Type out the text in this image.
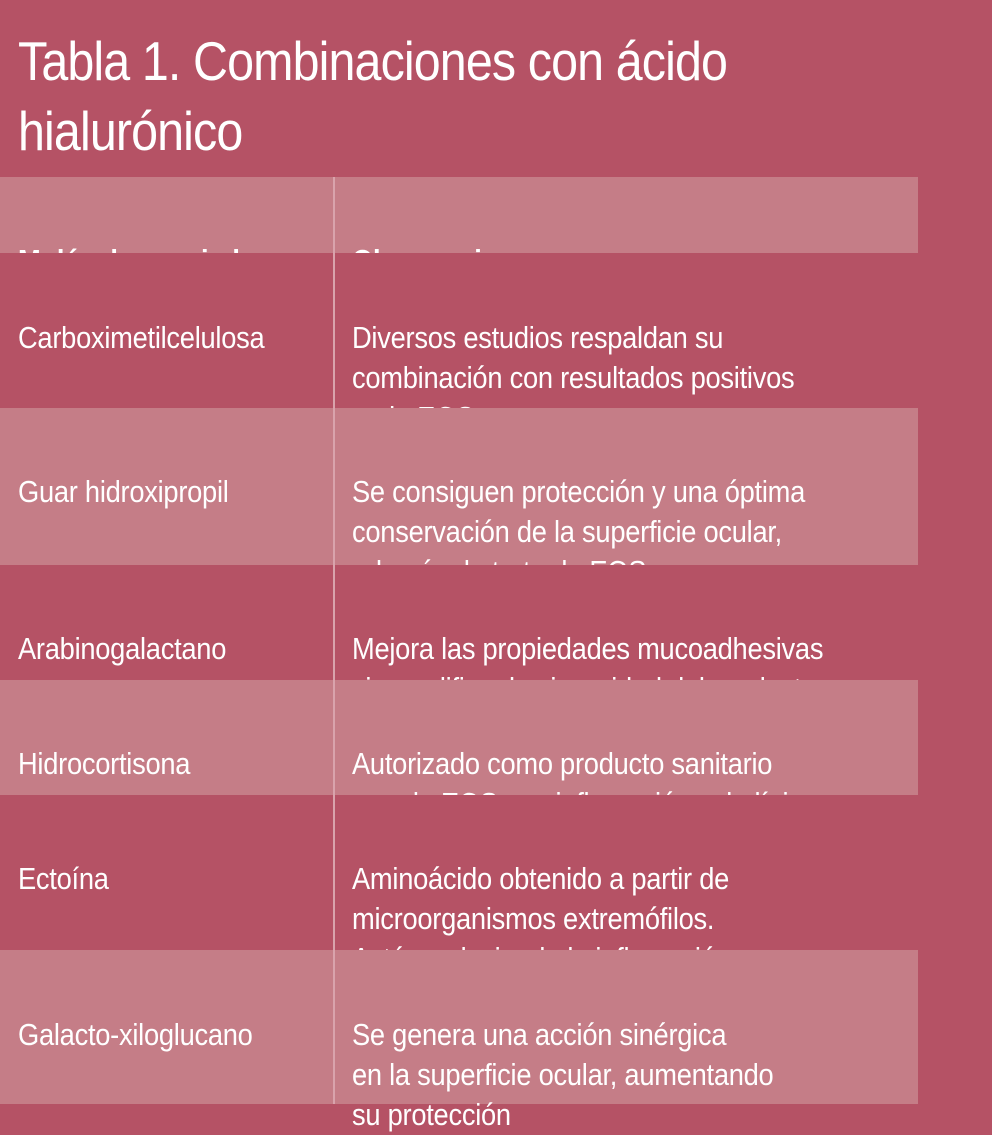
Tabla 1. Combinaciones con ácido
hialurónico

Carboximetilcelulosa	Diversos estudios respaldan su
combinación con resultados positivos

Guar hidroxipropil	Se consiguen protección y una óptima
conservación de la superficie ocular,

Arabinogalactano	Mejora las propiedades mucoadhesivas

Hidrocortisona	Autorizado como producto sanitario

Ectoína	Aminoácido obtenido a partir de
microorganismos extremófilos.

Galacto-xiloglucano	Se genera una acción sinérgica
en la superficie ocular, aumentando
su protección
